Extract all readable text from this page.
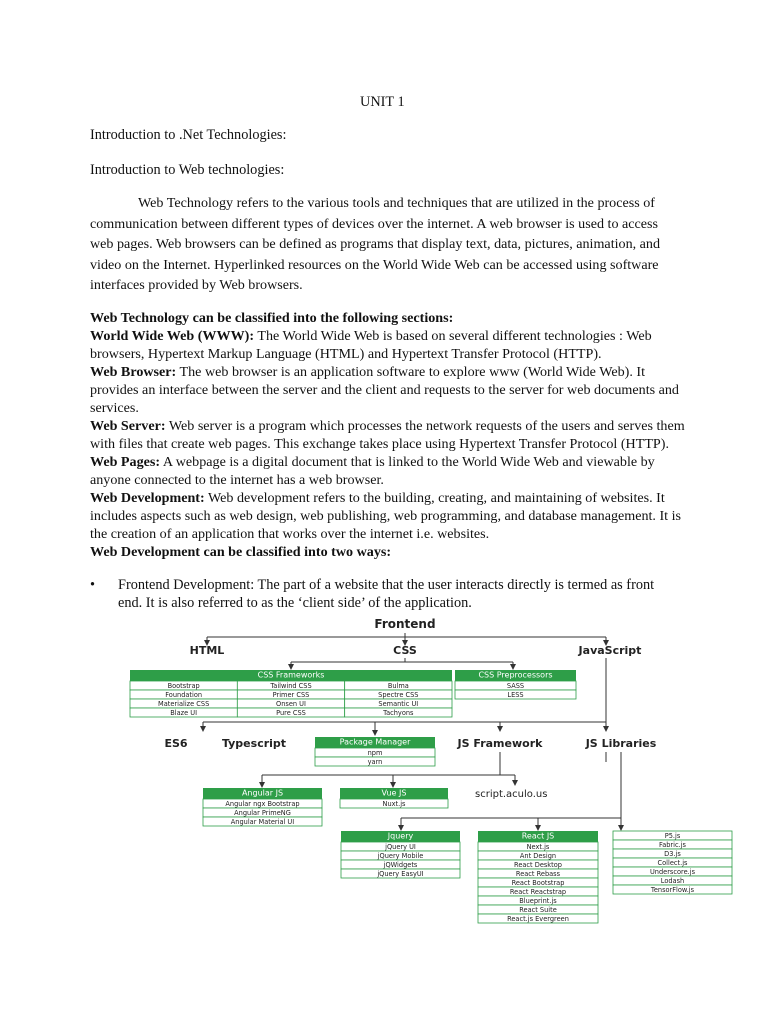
UNIT 1
Introduction to .Net Technologies:
Introduction to Web technologies:
Web Technology refers to the various tools and techniques that are utilized in the process of communication between different types of devices over the internet. A web browser is used to access web pages. Web browsers can be defined as programs that display text, data, pictures, animation, and video on the Internet. Hyperlinked resources on the World Wide Web can be accessed using software interfaces provided by Web browsers.
Web Technology can be classified into the following sections:
World Wide Web (WWW): The World Wide Web is based on several different technologies : Web browsers, Hypertext Markup Language (HTML) and Hypertext Transfer Protocol (HTTP).
Web Browser: The web browser is an application software to explore www (World Wide Web). It provides an interface between the server and the client and requests to the server for web documents and services.
Web Server: Web server is a program which processes the network requests of the users and serves them with files that create web pages. This exchange takes place using Hypertext Transfer Protocol (HTTP).
Web Pages: A webpage is a digital document that is linked to the World Wide Web and viewable by anyone connected to the internet has a web browser.
Web Development: Web development refers to the building, creating, and maintaining of websites. It includes aspects such as web design, web publishing, web programming, and database management. It is the creation of an application that works over the internet i.e. websites.
Web Development can be classified into two ways:
• Frontend Development: The part of a website that the user interacts directly is termed as front end. It is also referred to as the ‘client side’ of the application.
Frontend
HTML	CSS	JavaScript
CSS Frameworks
Bootstrap	Tailwind CSS	Bulma
Foundation	Primer CSS	Spectre CSS
Materialize CSS	Onsen UI	Semantic UI
Blaze UI	Pure CSS	Tachyons
CSS Preprocessors
SASS
LESS
ES6	Typescript	Package Manager
npm
yarn
JS Framework	JS Libraries
Angular JS
Angular ngx Bootstrap
Angular PrimeNG
Angular Material UI
Vue JS
Nuxt.js
script.aculo.us
Jquery
jQuery UI
jQuery Mobile
jQWidgets
jQuery EasyUI
React JS
Next.js
Ant Design
React Desktop
React Rebass
React Bootstrap
React Reactstrap
Blueprint.js
React Suite
React.js Evergreen
P5.js
Fabric.js
D3.js
Collect.js
Underscore.js
Lodash
TensorFlow.js
